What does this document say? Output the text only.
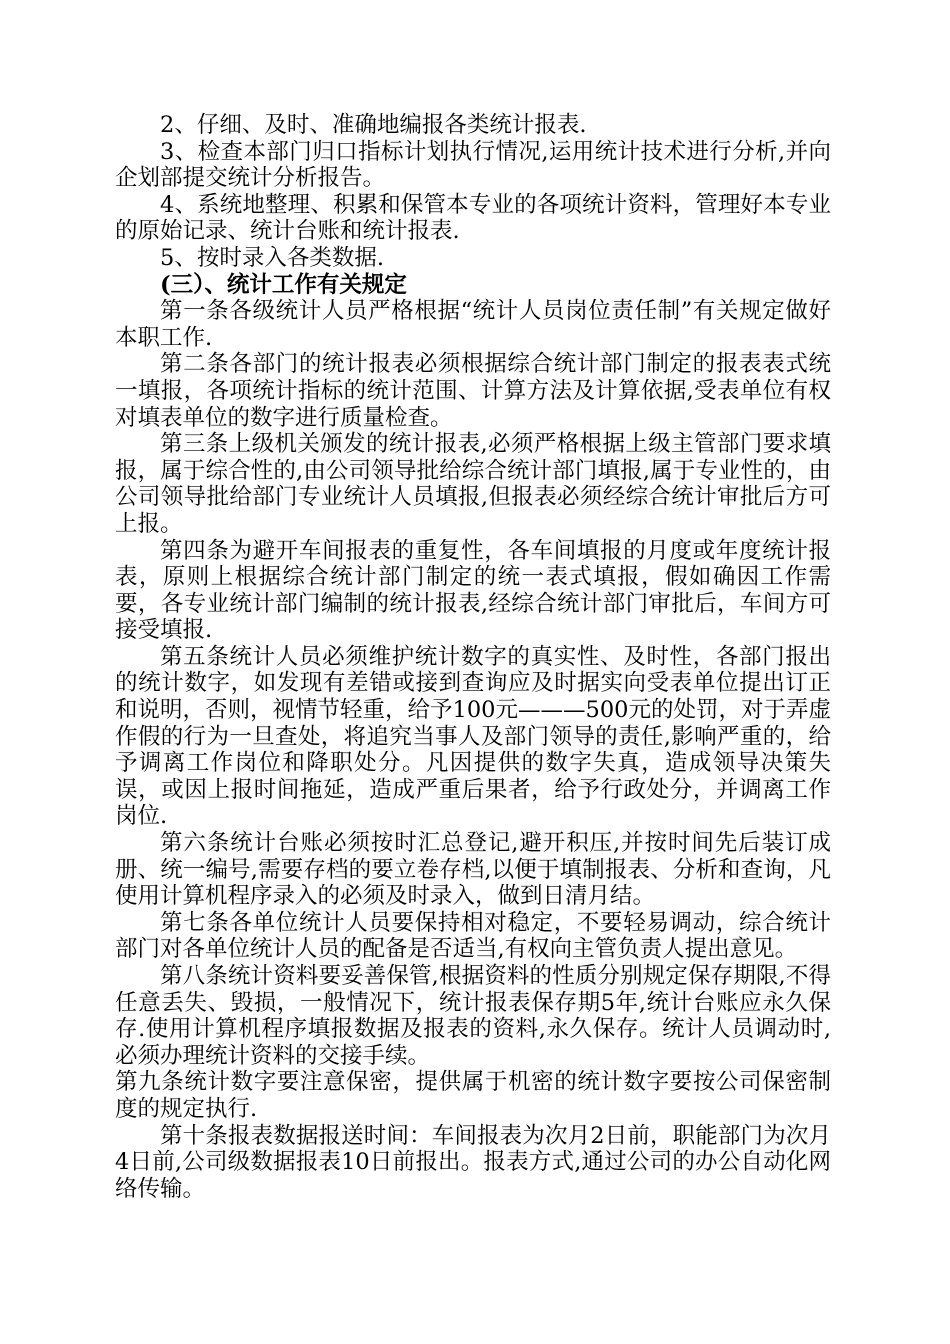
2、仔细、及时、准确地编报各类统计报表.

3、检查本部门归口指标计划执行情况,运用统计技术进行分析,并向企划部提交统计分析报告。

4、系统地整理、积累和保管本专业的各项统计资料，管理好本专业的原始记录、统计台账和统计报表.

5、按时录入各类数据.

(三）、统计工作有关规定

第一条各级统计人员严格根据“统计人员岗位责任制”有关规定做好本职工作.

第二条各部门的统计报表必须根据综合统计部门制定的报表表式统一填报，各项统计指标的统计范围、计算方法及计算依据,受表单位有权对填表单位的数字进行质量检查。

第三条上级机关颁发的统计报表,必须严格根据上级主管部门要求填报，属于综合性的,由公司领导批给综合统计部门填报,属于专业性的，由公司领导批给部门专业统计人员填报,但报表必须经综合统计审批后方可上报。

第四条为避开车间报表的重复性，各车间填报的月度或年度统计报表，原则上根据综合统计部门制定的统一表式填报，假如确因工作需要，各专业统计部门编制的统计报表,经综合统计部门审批后，车间方可接受填报.

第五条统计人员必须维护统计数字的真实性、及时性，各部门报出的统计数字，如发现有差错或接到查询应及时据实向受表单位提出订正和说明，否则，视情节轻重，给予100元———500元的处罚，对于弄虚作假的行为一旦查处，将追究当事人及部门领导的责任,影响严重的，给予调离工作岗位和降职处分。凡因提供的数字失真，造成领导决策失误，或因上报时间拖延，造成严重后果者，给予行政处分，并调离工作岗位.

第六条统计台账必须按时汇总登记,避开积压,并按时间先后装订成册、统一编号,需要存档的要立卷存档,以便于填制报表、分析和查询，凡使用计算机程序录入的必须及时录入，做到日清月结。

第七条各单位统计人员要保持相对稳定，不要轻易调动，综合统计部门对各单位统计人员的配备是否适当,有权向主管负责人提出意见。

第八条统计资料要妥善保管,根据资料的性质分别规定保存期限,不得任意丢失、毁损，一般情况下，统计报表保存期5年,统计台账应永久保存.使用计算机程序填报数据及报表的资料,永久保存。统计人员调动时,必须办理统计资料的交接手续。

第九条统计数字要注意保密，提供属于机密的统计数字要按公司保密制度的规定执行.

第十条报表数据报送时间：车间报表为次月2日前，职能部门为次月4日前,公司级数据报表10日前报出。报表方式,通过公司的办公自动化网络传输。
